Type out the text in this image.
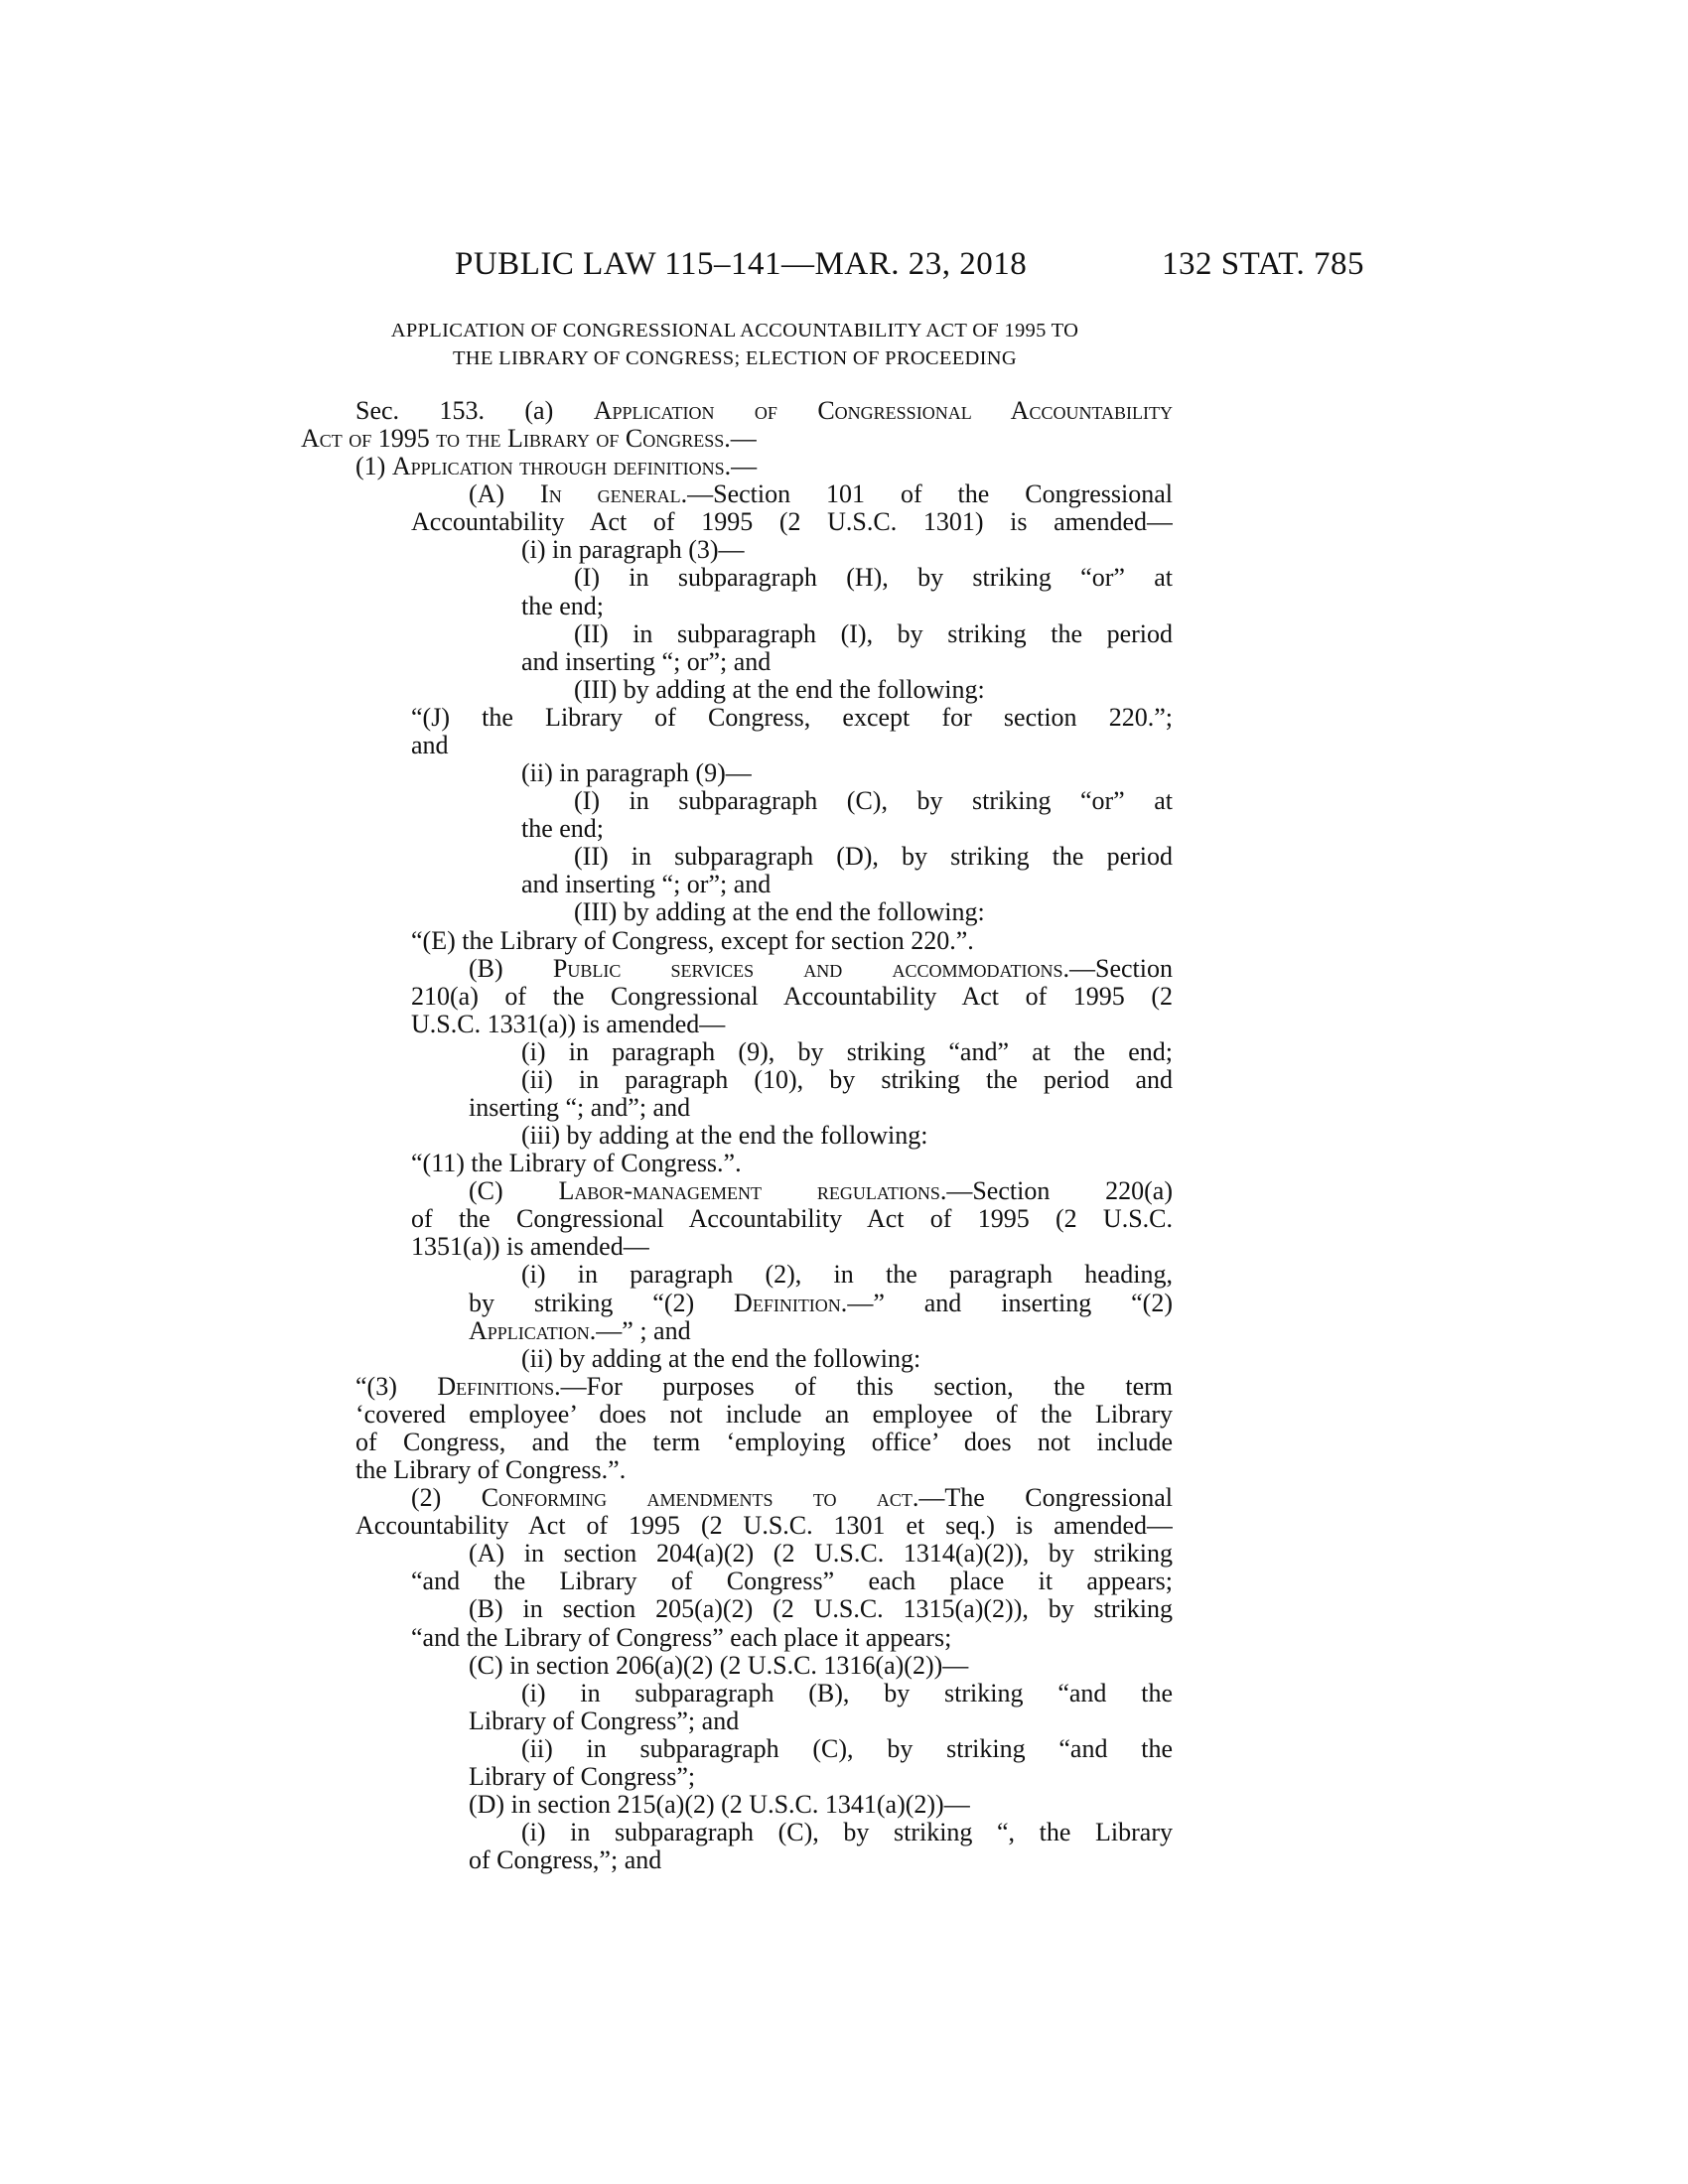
PUBLIC LAW 115–141—MAR. 23, 2018	132 STAT. 785
APPLICATION OF CONGRESSIONAL ACCOUNTABILITY ACT OF 1995 TO
THE LIBRARY OF CONGRESS; ELECTION OF PROCEEDING
Sec. 153. (a) Application of Congressional Accountability
Act of 1995 to the Library of Congress.—
(1) Application through definitions.—
(A) In general.—Section 101 of the Congressional
Accountability Act of 1995 (2 U.S.C. 1301) is amended—
(i) in paragraph (3)—
(I) in subparagraph (H), by striking “or” at
the end;
(II) in subparagraph (I), by striking the period
and inserting “; or”; and
(III) by adding at the end the following:
“(J) the Library of Congress, except for section 220.”;
and
(ii) in paragraph (9)—
(I) in subparagraph (C), by striking “or” at
the end;
(II) in subparagraph (D), by striking the period
and inserting “; or”; and
(III) by adding at the end the following:
“(E) the Library of Congress, except for section 220.”.
(B) Public services and accommodations.—Section
210(a) of the Congressional Accountability Act of 1995 (2
U.S.C. 1331(a)) is amended—
(i) in paragraph (9), by striking “and” at the end;
(ii) in paragraph (10), by striking the period and
inserting “; and”; and
(iii) by adding at the end the following:
“(11) the Library of Congress.”.
(C) Labor-management regulations.—Section 220(a)
of the Congressional Accountability Act of 1995 (2 U.S.C.
1351(a)) is amended—
(i) in paragraph (2), in the paragraph heading,
by striking “(2) Definition.—” and inserting “(2)
Application.—” ; and
(ii) by adding at the end the following:
“(3) Definitions.—For purposes of this section, the term
‘covered employee’ does not include an employee of the Library
of Congress, and the term ‘employing office’ does not include
the Library of Congress.”.
(2) Conforming amendments to act.—The Congressional
Accountability Act of 1995 (2 U.S.C. 1301 et seq.) is amended—
(A) in section 204(a)(2) (2 U.S.C. 1314(a)(2)), by striking
“and the Library of Congress” each place it appears;
(B) in section 205(a)(2) (2 U.S.C. 1315(a)(2)), by striking
“and the Library of Congress” each place it appears;
(C) in section 206(a)(2) (2 U.S.C. 1316(a)(2))—
(i) in subparagraph (B), by striking “and the
Library of Congress”; and
(ii) in subparagraph (C), by striking “and the
Library of Congress”;
(D) in section 215(a)(2) (2 U.S.C. 1341(a)(2))—
(i) in subparagraph (C), by striking “, the Library
of Congress,”; and
